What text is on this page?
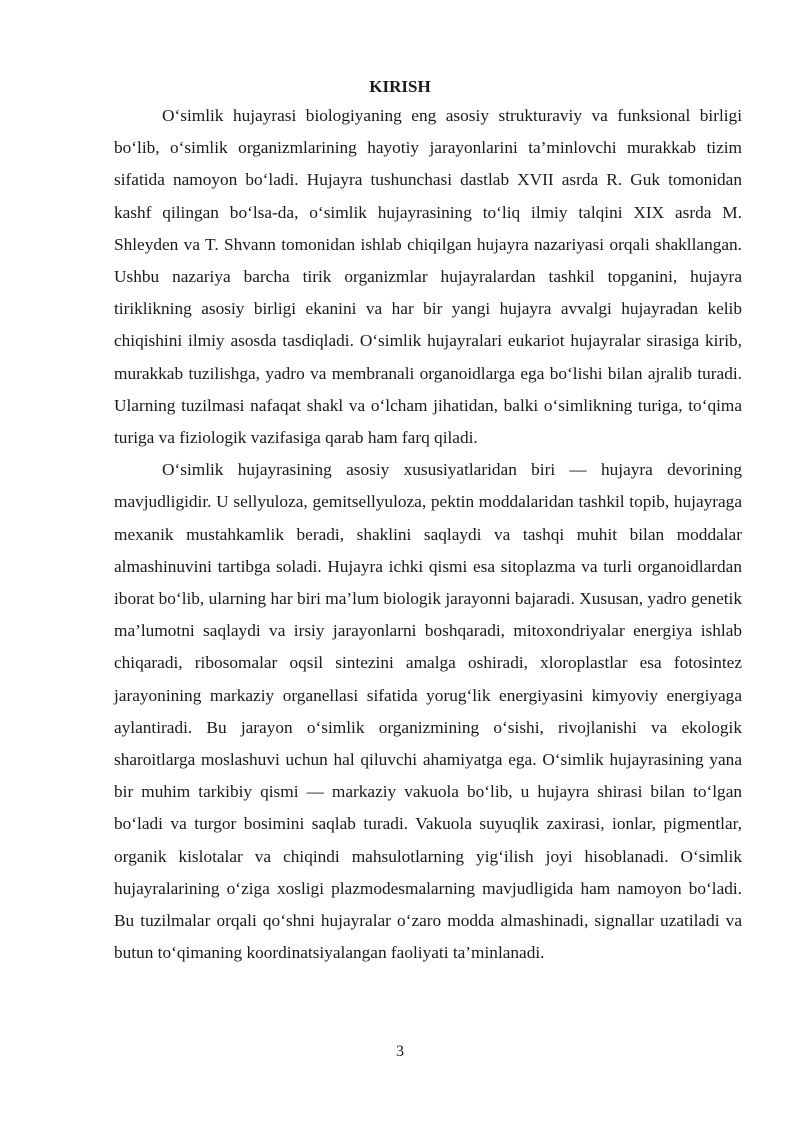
KIRISH

O‘simlik hujayrasi biologiyaning eng asosiy strukturaviy va funksional birligi bo‘lib, o‘simlik organizmlarining hayotiy jarayonlarini ta’minlovchi murakkab tizim sifatida namoyon bo‘ladi. Hujayra tushunchasi dastlab XVII asrda R. Guk tomonidan kashf qilingan bo‘lsa-da, o‘simlik hujayrasining to‘liq ilmiy talqini XIX asrda M. Shleyden va T. Shvann tomonidan ishlab chiqilgan hujayra nazariyasi orqali shakllangan. Ushbu nazariya barcha tirik organizmlar hujayralardan tashkil topganini, hujayra tiriklikning asosiy birligi ekanini va har bir yangi hujayra avvalgi hujayradan kelib chiqishini ilmiy asosda tasdiqladi. O‘simlik hujayralari eukariot hujayralar sirasiga kirib, murakkab tuzilishga, yadro va membranali organoidlarga ega bo‘lishi bilan ajralib turadi. Ularning tuzilmasi nafaqat shakl va o‘lcham jihatidan, balki o‘simlikning turiga, to‘qima turiga va fiziologik vazifasiga qarab ham farq qiladi.

O‘simlik hujayrasining asosiy xususiyatlaridan biri — hujayra devorining mavjudligidir. U sellyuloza, gemitsellyuloza, pektin moddalaridan tashkil topib, hujayraga mexanik mustahkamlik beradi, shaklini saqlaydi va tashqi muhit bilan moddalar almashinuvini tartibga soladi. Hujayra ichki qismi esa sitoplazma va turli organoidlardan iborat bo‘lib, ularning har biri ma’lum biologik jarayonni bajaradi. Xususan, yadro genetik ma’lumotni saqlaydi va irsiy jarayonlarni boshqaradi, mitoxondriyalar energiya ishlab chiqaradi, ribosomalar oqsil sintezini amalga oshiradi, xloroplastlar esa fotosintez jarayonining markaziy organellasi sifatida yorug‘lik energiyasini kimyoviy energiyaga aylantiradi. Bu jarayon o‘simlik organizmining o‘sishi, rivojlanishi va ekologik sharoitlarga moslashuvi uchun hal qiluvchi ahamiyatga ega. O‘simlik hujayrasining yana bir muhim tarkibiy qismi — markaziy vakuola bo‘lib, u hujayra shirasi bilan to‘lgan bo‘ladi va turgor bosimini saqlab turadi. Vakuola suyuqlik zaxirasi, ionlar, pigmentlar, organik kislotalar va chiqindi mahsulotlarning yig‘ilish joyi hisoblanadi. O‘simlik hujayralarining o‘ziga xosligi plazmodesmalarning mavjudligida ham namoyon bo‘ladi. Bu tuzilmalar orqali qo‘shni hujayralar o‘zaro modda almashinadi, signallar uzatiladi va butun to‘qimaning koordinatsiyalangan faoliyati ta’minlanadi.

3
